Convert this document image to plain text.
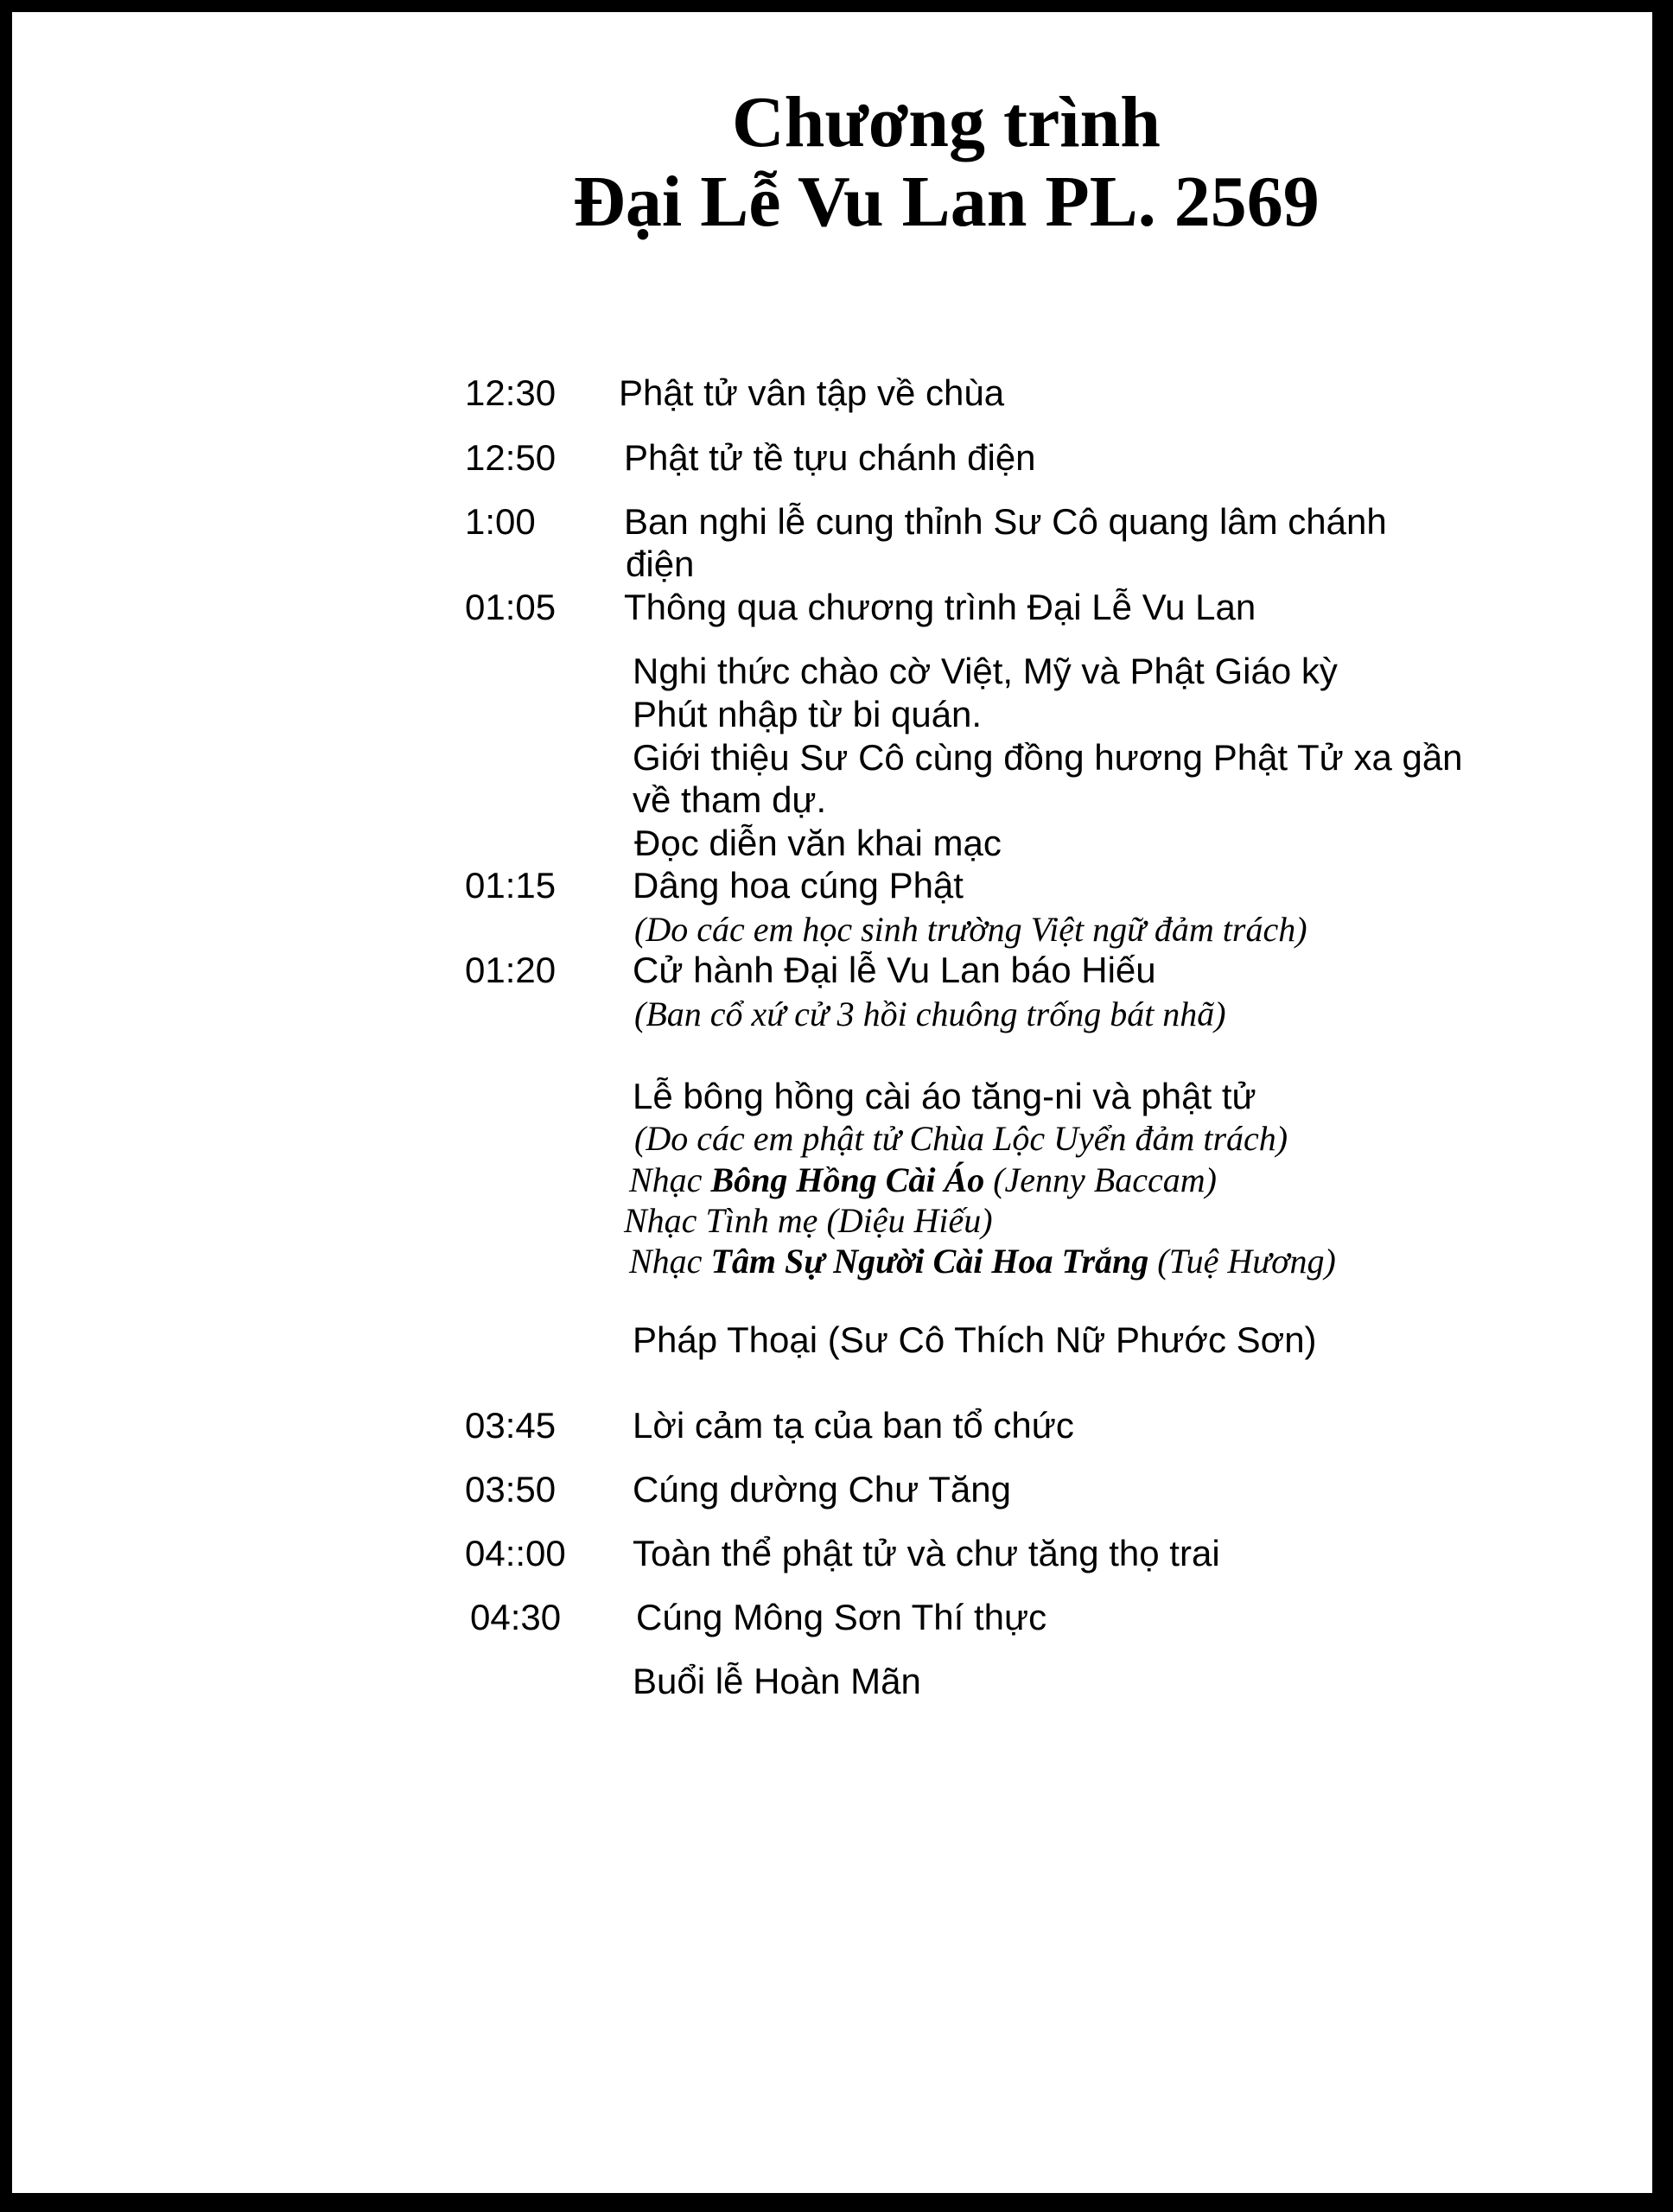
Chương trình
Đại Lễ Vu Lan PL. 2569
12:30 Phật tử vân tập về chùa
12:50 Phật tử tề tựu chánh điện
1:00 Ban nghi lễ cung thỉnh Sư Cô quang lâm chánh
điện
01:05 Thông qua chương trình Đại Lễ Vu Lan
Nghi thức chào cờ Việt, Mỹ và Phật Giáo kỳ
Phút nhập từ bi quán.
Giới thiệu Sư Cô cùng đồng hương Phật Tử xa gần
về tham dự.
Đọc diễn văn khai mạc
01:15 Dâng hoa cúng Phật
(Do các em học sinh trường Việt ngữ đảm trách)
01:20 Cử hành Đại lễ Vu Lan báo Hiếu
(Ban cổ xứ cử 3 hồi chuông trống bát nhã)
Lễ bông hồng cài áo tăng-ni và phật tử
(Do các em phật tử Chùa Lộc Uyển đảm trách)
Nhạc Bông Hồng Cài Áo (Jenny Baccam)
Nhạc Tình mẹ (Diệu Hiếu)
Nhạc Tâm Sự Người Cài Hoa Trắng (Tuệ Hương)
Pháp Thoại (Sư Cô Thích Nữ Phước Sơn)
03:45 Lời cảm tạ của ban tổ chức
03:50 Cúng dường Chư Tăng
04::00 Toàn thể phật tử và chư tăng thọ trai
04:30 Cúng Mông Sơn Thí thực
Buổi lễ Hoàn Mãn
